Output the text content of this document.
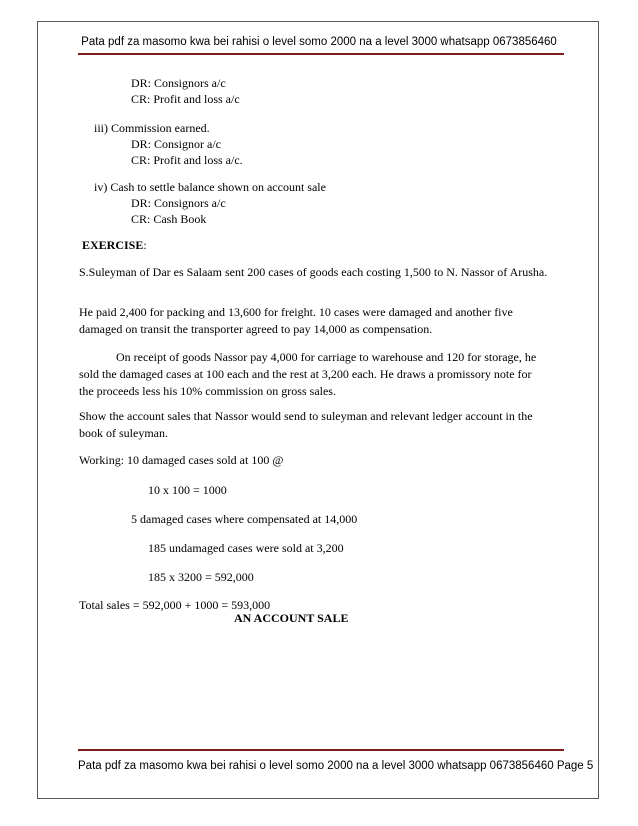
Pata pdf za masomo kwa bei rahisi o level somo 2000 na a level 3000 whatsapp 0673856460
DR: Consignors a/c
CR: Profit and loss a/c
iii) Commission earned.
DR: Consignor a/c
CR: Profit and loss a/c.
iv) Cash to settle balance shown on account sale
DR: Consignors a/c
CR: Cash Book
EXERCISE:
S.Suleyman of Dar es Salaam sent 200 cases of goods each costing 1,500 to N. Nassor of Arusha.
He paid 2,400 for packing and 13,600 for freight. 10 cases were damaged and another five damaged on transit the transporter agreed to pay 14,000 as compensation.
On receipt of goods Nassor pay 4,000 for carriage to warehouse and 120 for storage, he sold the damaged cases at 100 each and the rest at 3,200 each. He draws a promissory note for the proceeds less his 10% commission on gross sales.
Show the account sales that Nassor would send to suleyman and relevant ledger account in the book of suleyman.
Working: 10 damaged cases sold at 100 @
10 x 100 = 1000
5 damaged cases where compensated at 14,000
185 undamaged cases were sold at 3,200
185 x 3200 = 592,000
Total sales = 592,000 + 1000 = 593,000
AN ACCOUNT SALE
Pata pdf za masomo kwa bei rahisi o level somo 2000 na a level 3000 whatsapp 0673856460 Page 5
